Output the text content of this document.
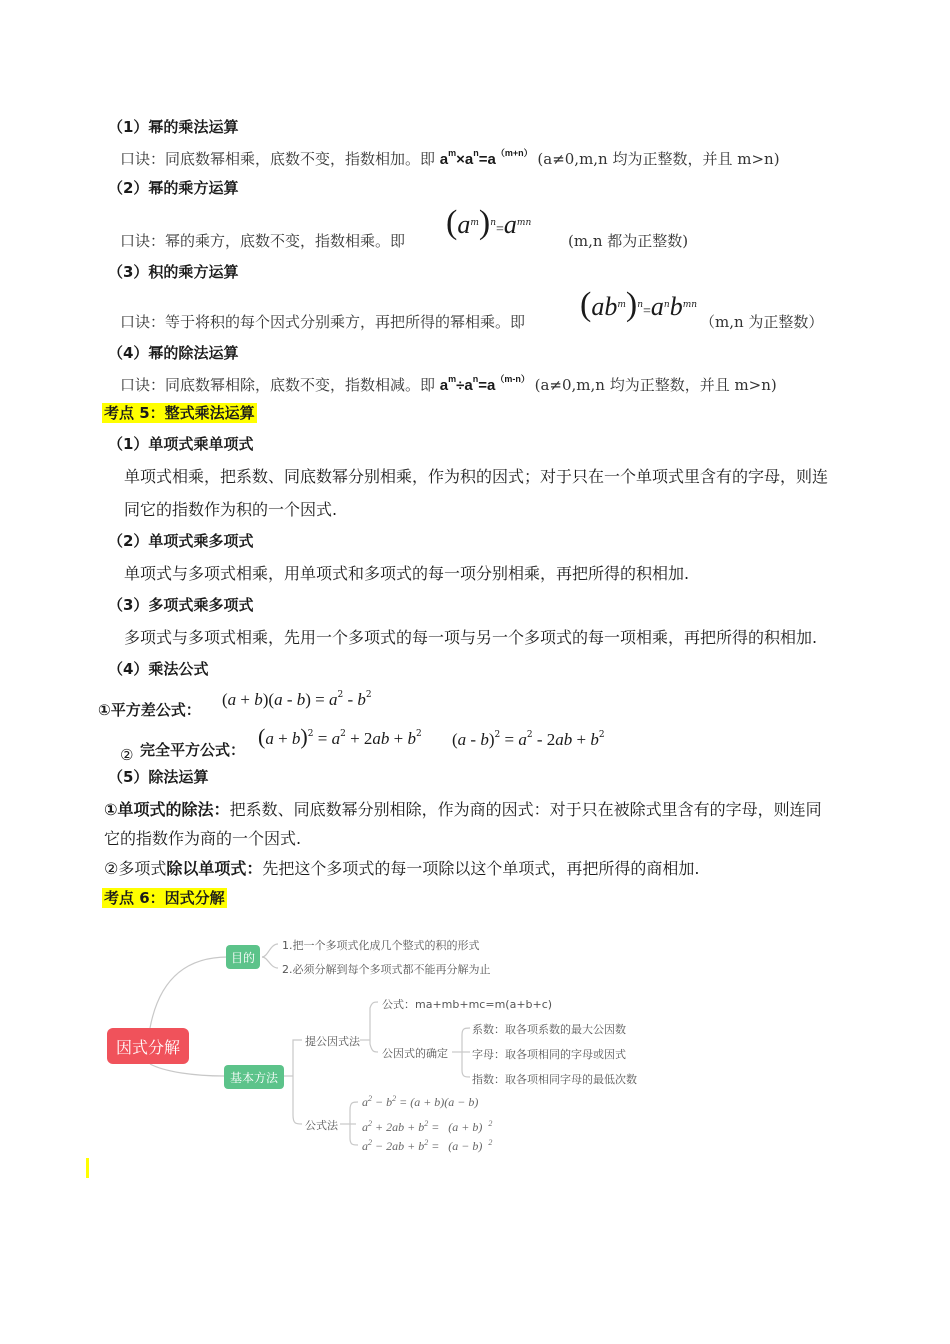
（1）幂的乘法运算
口诀：同底数幂相乘，底数不变，指数相加。即 $a^m\times a^n=a^{(m+n)}$ (a≠0,m,n 均为正整数，并且 m>n)
（2）幂的乘方运算
口诀：幂的乘方，底数不变，指数相乘。即 $(a^m)^n=a^{mn}$
(m,n 都为正整数)
（3）积的乘方运算
口诀：等于将积的每个因式分别乘方，再把所得的幂相乘。即 $(ab^m)^n=a^nb^{mn}$
（m,n 为正整数）
（4）幂的除法运算
口诀：同底数幂相除，底数不变，指数相减。即 $a^m\div a^n=a^{(m-n)}$ (a≠0,m,n 均为正整数，并且 m>n)
考点 5：整式乘法运算
（1）单项式乘单项式
单项式相乘，把系数、同底数幂分别相乘，作为积的因式；对于只在一个单项式里含有的字母，则连
同它的指数作为积的一个因式.
（2）单项式乘多项式
单项式与多项式相乘，用单项式和多项式的每一项分别相乘，再把所得的积相加.
（3）多项式乘多项式
多项式与多项式相乘，先用一个多项式的每一项与另一个多项式的每一项相乘，再把所得的积相加.
（4）乘法公式
①平方差公式：
$(a + b)(a - b) = a^2 - b^2$
② 完全平方公式：
$(a + b)^2 = a^2 + 2ab + b^2$ $(a - b)^2 = a^2 - 2ab + b^2$
（5）除法运算
①单项式的除法：把系数、同底数幂分别相除，作为商的因式：对于只在被除式里含有的字母，则连同
它的指数作为商的一个因式.
②多项式除以单项式：先把这个多项式的每一项除以这个单项式，再把所得的商相加.
考点 6：因式分解
因式分解
目的
基本方法
1.把一个多项式化成几个整式的积的形式
2.必须分解到每个多项式都不能再分解为止
提公因式法
公式：ma+mb+mc=m(a+b+c)
公因式的确定
系数：取各项系数的最大公因数
字母：取各项相同的字母或因式
指数：取各项相同字母的最低次数
公式法
$a^2 - b^2 = (a + b)(a - b)$
$a^2 + 2ab + b^2 = (a + b)$  $^2$
$a^2 - 2ab + b^2 = (a - b)$  $^2$
